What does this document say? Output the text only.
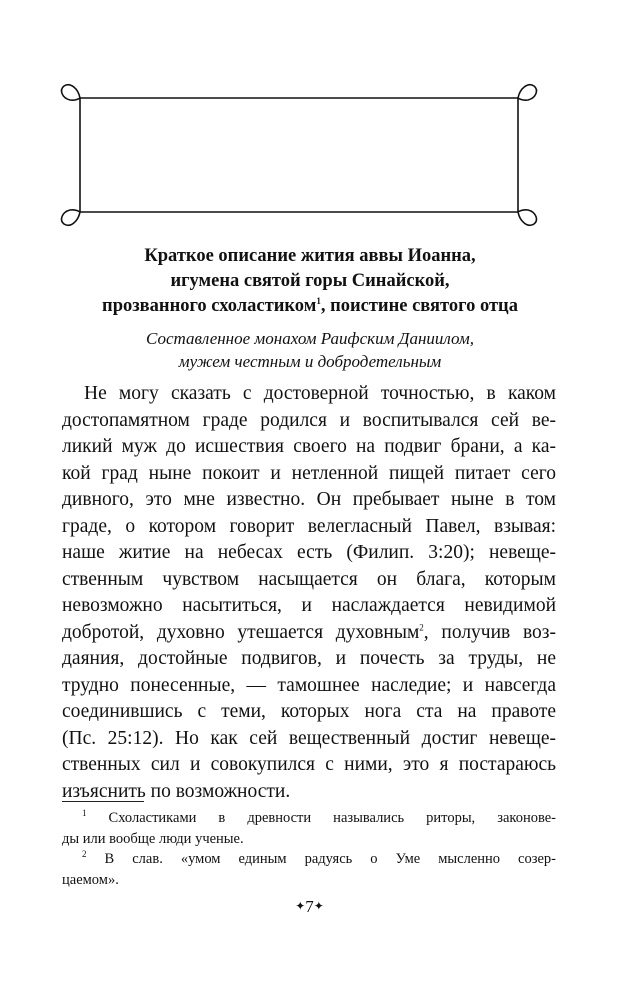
Краткое описание жития аввы Иоанна,
игумена святой горы Синайской,
прозванного схоластиком$^1$, поистине святого отца
Составленное монахом Раифским Даниилом,
мужем честным и добродетельным
Не могу сказать с достоверной точностью, в каком
достопамятном граде родился и воспитывался сей ве-
ликий муж до исшествия своего на подвиг брани, а ка-
кой град ныне покоит и нетленной пищей питает сего
дивного, это мне известно. Он пребывает ныне в том
граде, о котором говорит велегласный Павел, взывая:
наше житие на небесах есть (Филип. 3:20); невеще-
ственным чувством насыщается он блага, которым
невозможно насытиться, и наслаждается невидимой
добротой, духовно утешается духовным$^2$, получив воз-
даяния, достойные подвигов, и почесть за труды, не
трудно понесенные, — тамошнее наследие; и навсегда
соединившись с теми, которых нога ста на правоте
(Пс. 25:12). Но как сей вещественный достиг невеще-
ственных сил и совокупился с ними, это я постараюсь
изъяснить по возможности.
$^1$ Схоластиками в древности назывались риторы, законове-
ды или вообще люди ученые.
$^2$ В слав. «умом единым радуясь о Уме мысленно созер-
цаемом».
✦7✦
